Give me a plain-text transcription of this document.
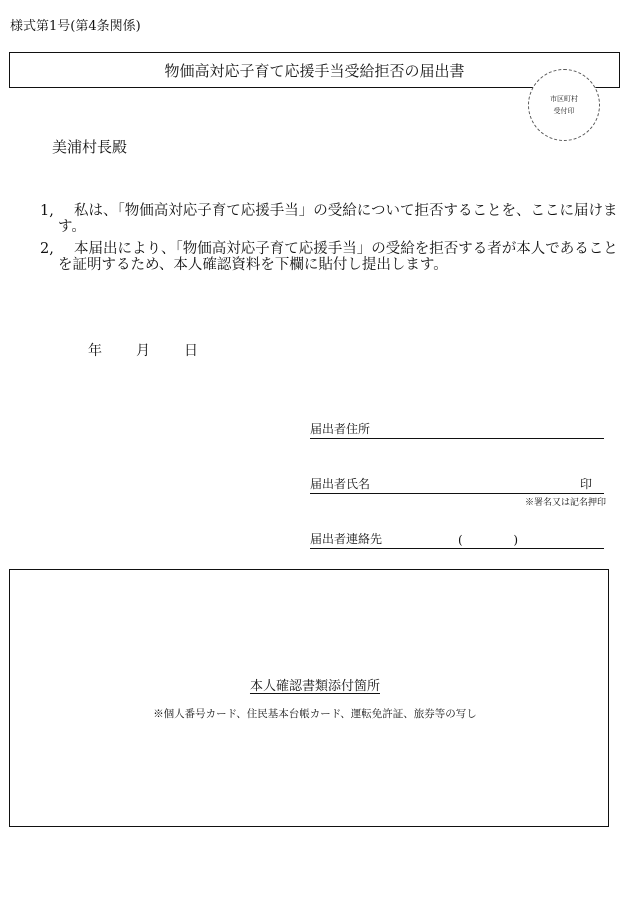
様式第1号(第4条関係)
物価高対応子育て応援手当受給拒否の届出書
市区町村
受付印
美浦村長殿
1,	私は、「物価高対応子育て応援手当」の受給について拒否することを、ここに届けます。
2,	本届出により、「物価高対応子育て応援手当」の受給を拒否する者が本人であることを証明するため、本人確認資料を下欄に貼付し提出します。
年 月 日
届出者住所
届出者氏名	印
※署名又は記名押印
届出者連絡先	(	)
本人確認書類添付箇所
※個人番号カード、住民基本台帳カード、運転免許証、旅券等の写し
